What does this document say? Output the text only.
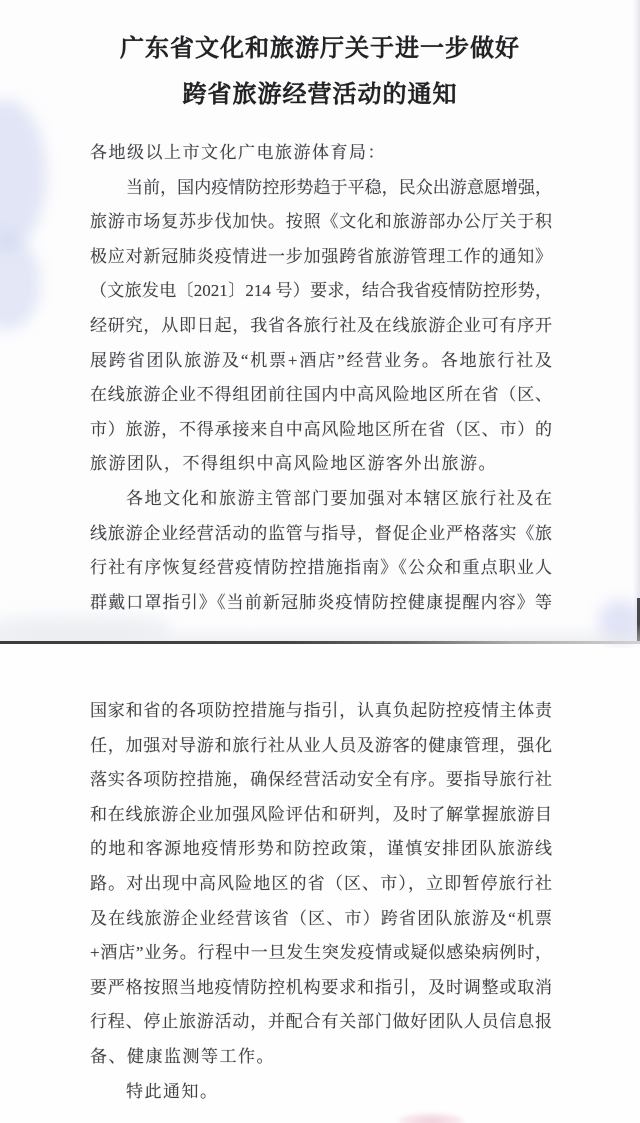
广东省文化和旅游厅关于进一步做好
跨省旅游经营活动的通知
各地级以上市文化广电旅游体育局：
当前，国内疫情防控形势趋于平稳，民众出游意愿增强，
旅游市场复苏步伐加快。按照《文化和旅游部办公厅关于积
极应对新冠肺炎疫情进一步加强跨省旅游管理工作的通知》
（文旅发电〔2021〕214 号）要求，结合我省疫情防控形势，
经研究，从即日起，我省各旅行社及在线旅游企业可有序开
展跨省团队旅游及“机票+酒店”经营业务。各地旅行社及
在线旅游企业不得组团前往国内中高风险地区所在省（区、
市）旅游，不得承接来自中高风险地区所在省（区、市）的
旅游团队，不得组织中高风险地区游客外出旅游。
各地文化和旅游主管部门要加强对本辖区旅行社及在
线旅游企业经营活动的监管与指导，督促企业严格落实《旅
行社有序恢复经营疫情防控措施指南》《公众和重点职业人
群戴口罩指引》《当前新冠肺炎疫情防控健康提醒内容》等
国家和省的各项防控措施与指引，认真负起防控疫情主体责
任，加强对导游和旅行社从业人员及游客的健康管理，强化
落实各项防控措施，确保经营活动安全有序。要指导旅行社
和在线旅游企业加强风险评估和研判，及时了解掌握旅游目
的地和客源地疫情形势和防控政策，谨慎安排团队旅游线
路。对出现中高风险地区的省（区、市），立即暂停旅行社
及在线旅游企业经营该省（区、市）跨省团队旅游及“机票
+酒店”业务。行程中一旦发生突发疫情或疑似感染病例时，
要严格按照当地疫情防控机构要求和指引，及时调整或取消
行程、停止旅游活动，并配合有关部门做好团队人员信息报
备、健康监测等工作。
特此通知。
